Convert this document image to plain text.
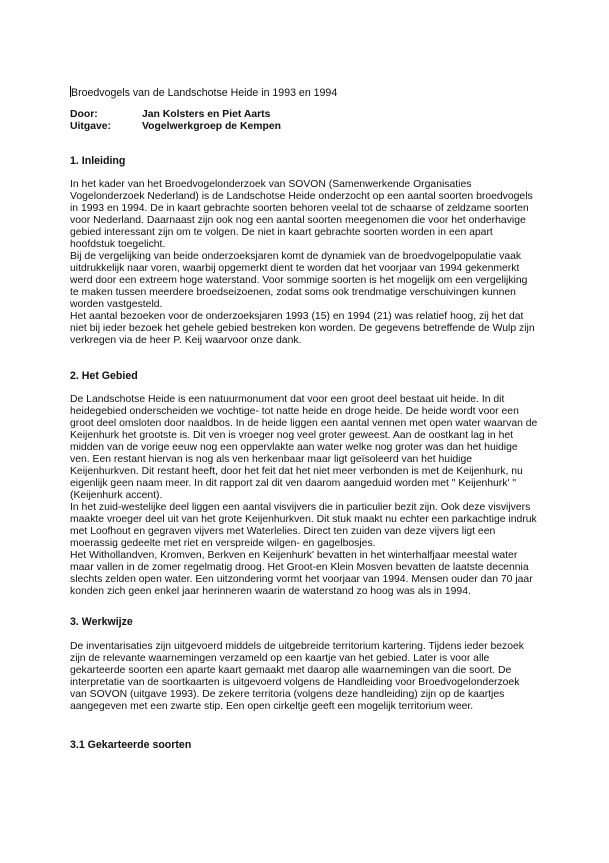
Broedvogels van de Landschotse Heide in 1993 en 1994
Door:	Jan Kolsters en Piet Aarts
Uitgave:	Vogelwerkgroep de Kempen
1. Inleiding
In het kader van het Broedvogelonderzoek van SOVON (Samenwerkende Organisaties
Vogelonderzoek Nederland) is de Landschotse Heide onderzocht op een aantal soorten broedvogels
in 1993 en 1994. De in kaart gebrachte soorten behoren veelal tot de schaarse of zeldzame soorten
voor Nederland. Daarnaast zijn ook nog een aantal soorten meegenomen die voor het onderhavige
gebied interessant zijn om te volgen. De niet in kaart gebrachte soorten worden in een apart
hoofdstuk toegelicht.
Bij de vergelijking van beide onderzoeksjaren komt de dynamiek van de broedvogelpopulatie vaak
uitdrukkelijk naar voren, waarbij opgemerkt dient te worden dat het voorjaar van 1994 gekenmerkt
werd door een extreem hoge waterstand. Voor sommige soorten is het mogelijk om een vergelijking
te maken tussen meerdere broedseizoenen, zodat soms ook trendmatige verschuivingen kunnen
worden vastgesteld.
Het aantal bezoeken voor de onderzoeksjaren 1993 (15) en 1994 (21) was relatief hoog, zij het dat
niet bij ieder bezoek het gehele gebied bestreken kon worden. De gegevens betreffende de Wulp zijn
verkregen via de heer P. Keij waarvoor onze dank.
2. Het Gebied
De Landschotse Heide is een natuurmonument dat voor een groot deel bestaat uit heide. In dit
heidegebied onderscheiden we vochtige- tot natte heide en droge heide. De heide wordt voor een
groot deel omsloten door naaldbos. In de heide liggen een aantal vennen met open water waarvan de
Keijenhurk het grootste is. Dit ven is vroeger nog veel groter geweest. Aan de oostkant lag in het
midden van de vorige eeuw nog een oppervlakte aan water welke nog groter was dan het huidige
ven. Een restant hiervan is nog als ven herkenbaar maar ligt geïsoleerd van het huidige
Keijenhurkven. Dit restant heeft, door het feit dat het niet meer verbonden is met de Keijenhurk, nu
eigenlijk geen naam meer. In dit rapport zal dit ven daarom aangeduid worden met " Keijenhurk' "
(Keijenhurk accent).
In het zuid-westelijke deel liggen een aantal visvijvers die in particulier bezit zijn. Ook deze visvijvers
maakte vroeger deel uit van het grote Keijenhurkven. Dit stuk maakt nu echter een parkachtige indruk
met Loofhout en gegraven vijvers met Waterlelies. Direct ten zuiden van deze vijvers ligt een
moerassig gedeelte met riet en verspreide wilgen- en gagelbosjes.
Het Withollandven, Kromven, Berkven en Keijenhurk' bevatten in het winterhalfjaar meestal water
maar vallen in de zomer regelmatig droog. Het Groot-en Klein Mosven bevatten de laatste decennia
slechts zelden open water. Een uitzondering vormt het voorjaar van 1994. Mensen ouder dan 70 jaar
konden zich geen enkel jaar herinneren waarin de waterstand zo hoog was als in 1994.
3. Werkwijze
De inventarisaties zijn uitgevoerd middels de uitgebreide territorium kartering. Tijdens ieder bezoek
zijn de relevante waarnemingen verzameld op een kaartje van het gebied. Later is voor alle
gekarteerde soorten een aparte kaart gemaakt met daarop alle waarnemingen van die soort. De
interpretatie van de soortkaarten is uitgevoerd volgens de Handleiding voor Broedvogelonderzoek
van SOVON (uitgave 1993). De zekere territoria (volgens deze handleiding) zijn op de kaartjes
aangegeven met een zwarte stip. Een open cirkeltje geeft een mogelijk territorium weer.
3.1 Gekarteerde soorten
